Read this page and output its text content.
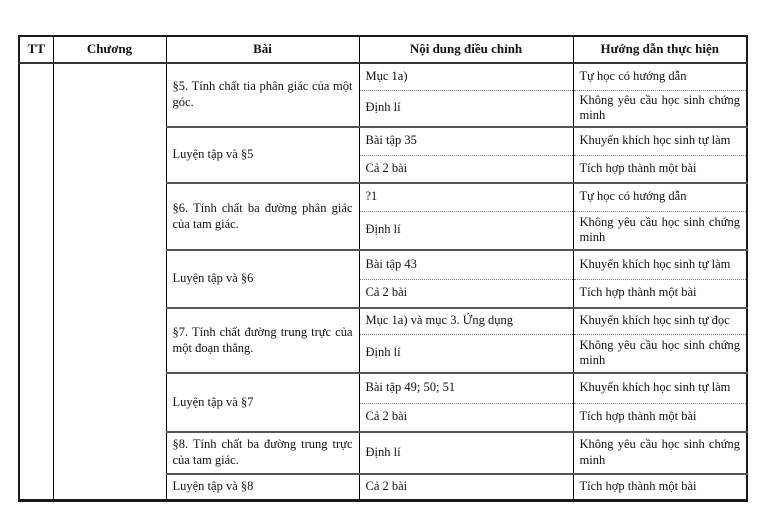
TT	Chương	Bài	Nội dung điều chỉnh	Hướng dẫn thực hiện
		§5. Tính chất tia phân giác của một góc.	Mục 1a)	Tự học có hướng dẫn
			Định lí	Không yêu cầu học sinh chứng minh
		Luyện tập và §5	Bài tập 35	Khuyến khích học sinh tự làm
			Cả 2 bài	Tích hợp thành một bài
		§6. Tính chất ba đường phân giác của tam giác.	?1	Tự học có hướng dẫn
			Định lí	Không yêu cầu học sinh chứng minh
		Luyện tập và §6	Bài tập 43	Khuyến khích học sinh tự làm
			Cả 2 bài	Tích hợp thành một bài
		§7. Tính chất đường trung trực của một đoạn thẳng.	Mục 1a) và mục 3. Ứng dụng	Khuyến khích học sinh tự đọc
			Định lí	Không yêu cầu học sinh chứng minh
		Luyện tập và §7	Bài tập 49; 50; 51	Khuyến khích học sinh tự làm
			Cả 2 bài	Tích hợp thành một bài
		§8. Tính chất ba đường trung trực của tam giác.	Định lí	Không yêu cầu học sinh chứng minh
		Luyện tập và §8	Cả 2 bài	Tích hợp thành một bài
